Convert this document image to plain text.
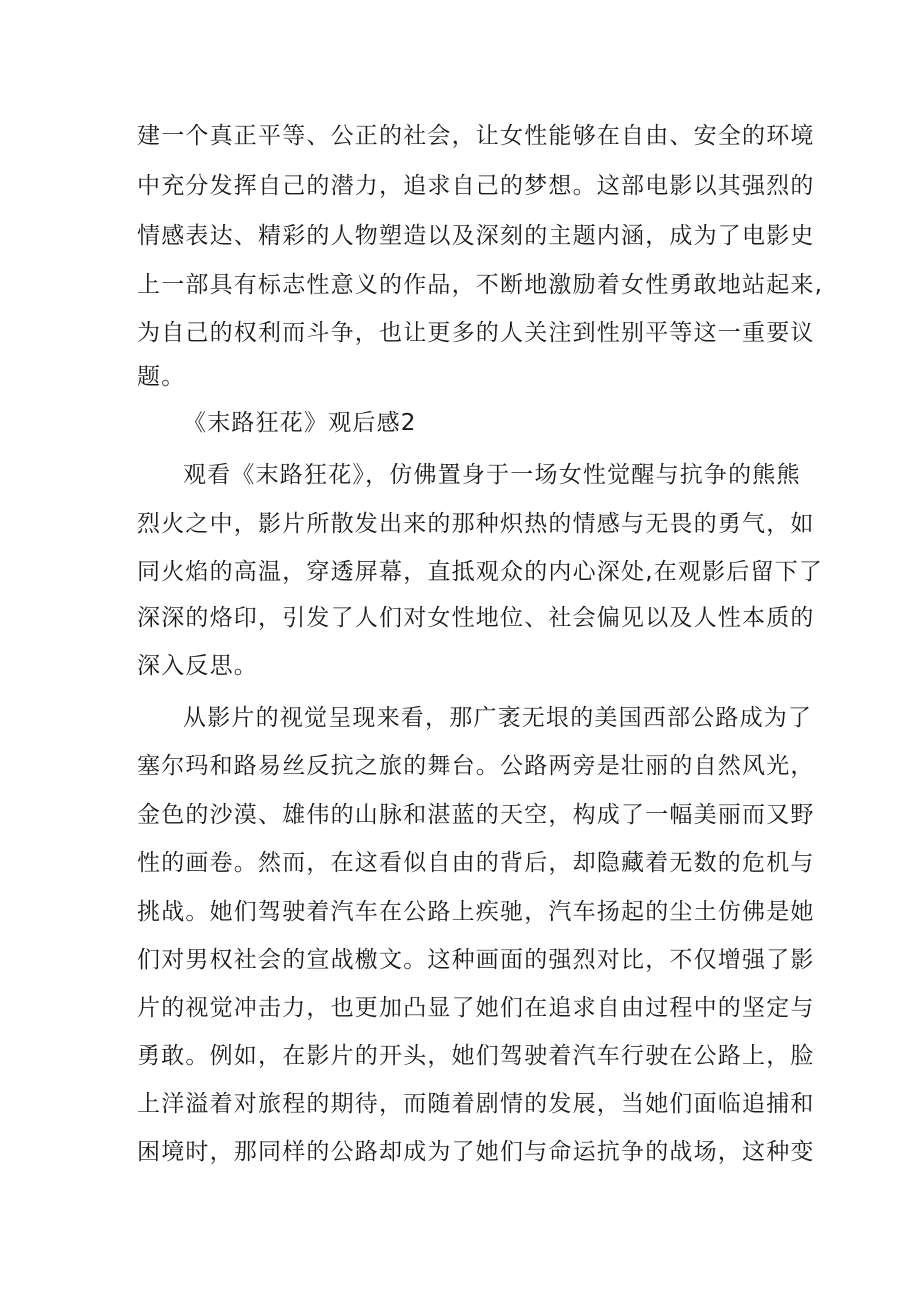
建一个真正平等、公正的社会，让女性能够在自由、安全的环境
中充分发挥自己的潜力，追求自己的梦想。这部电影以其强烈的
情感表达、精彩的人物塑造以及深刻的主题内涵，成为了电影史
上一部具有标志性意义的作品，不断地激励着女性勇敢地站起来,
为自己的权利而斗争，也让更多的人关注到性别平等这一重要议
题。
《末路狂花》观后感2
观看《末路狂花》，仿佛置身于一场女性觉醒与抗争的熊熊
烈火之中，影片所散发出来的那种炽热的情感与无畏的勇气，如
同火焰的高温，穿透屏幕，直抵观众的内心深处,在观影后留下了
深深的烙印，引发了人们对女性地位、社会偏见以及人性本质的
深入反思。
从影片的视觉呈现来看，那广袤无垠的美国西部公路成为了
塞尔玛和路易丝反抗之旅的舞台。公路两旁是壮丽的自然风光，
金色的沙漠、雄伟的山脉和湛蓝的天空，构成了一幅美丽而又野
性的画卷。然而，在这看似自由的背后，却隐藏着无数的危机与
挑战。她们驾驶着汽车在公路上疾驰，汽车扬起的尘土仿佛是她
们对男权社会的宣战檄文。这种画面的强烈对比，不仅增强了影
片的视觉冲击力，也更加凸显了她们在追求自由过程中的坚定与
勇敢。例如，在影片的开头，她们驾驶着汽车行驶在公路上，脸
上洋溢着对旅程的期待，而随着剧情的发展，当她们面临追捕和
困境时，那同样的公路却成为了她们与命运抗争的战场，这种变
